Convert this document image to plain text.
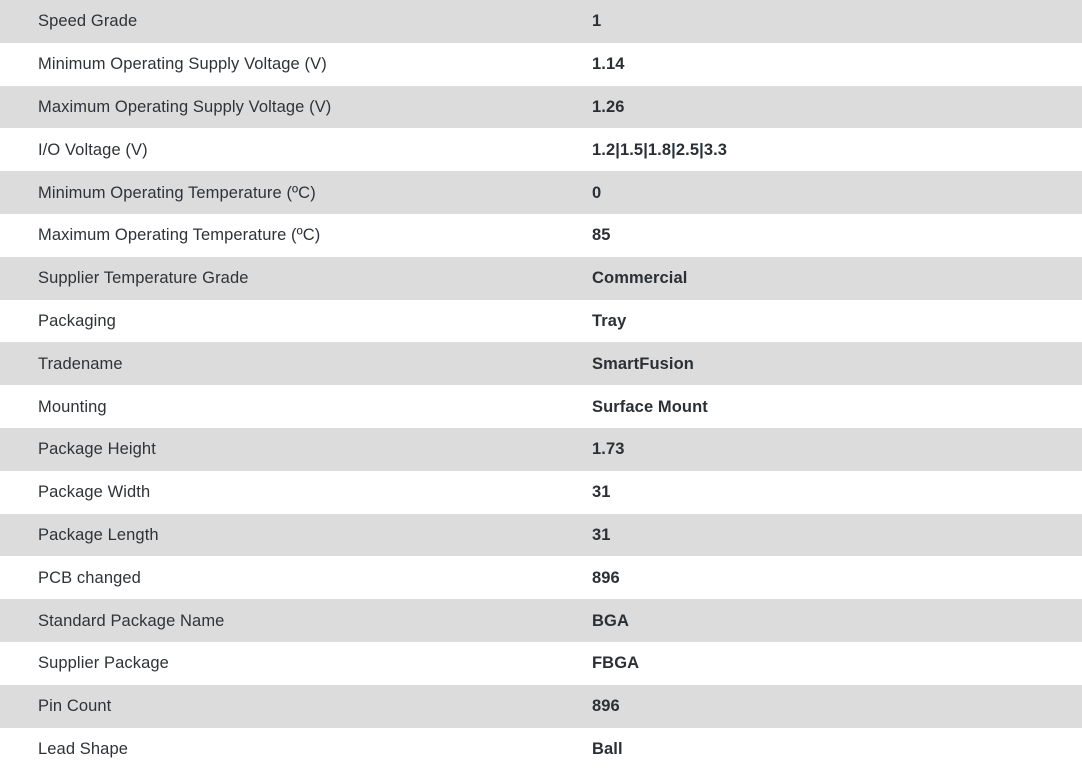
Speed Grade	1
Minimum Operating Supply Voltage (V)	1.14
Maximum Operating Supply Voltage (V)	1.26
I/O Voltage (V)	1.2|1.5|1.8|2.5|3.3
Minimum Operating Temperature (ºC)	0
Maximum Operating Temperature (ºC)	85
Supplier Temperature Grade	Commercial
Packaging	Tray
Tradename	SmartFusion
Mounting	Surface Mount
Package Height	1.73
Package Width	31
Package Length	31
PCB changed	896
Standard Package Name	BGA
Supplier Package	FBGA
Pin Count	896
Lead Shape	Ball
